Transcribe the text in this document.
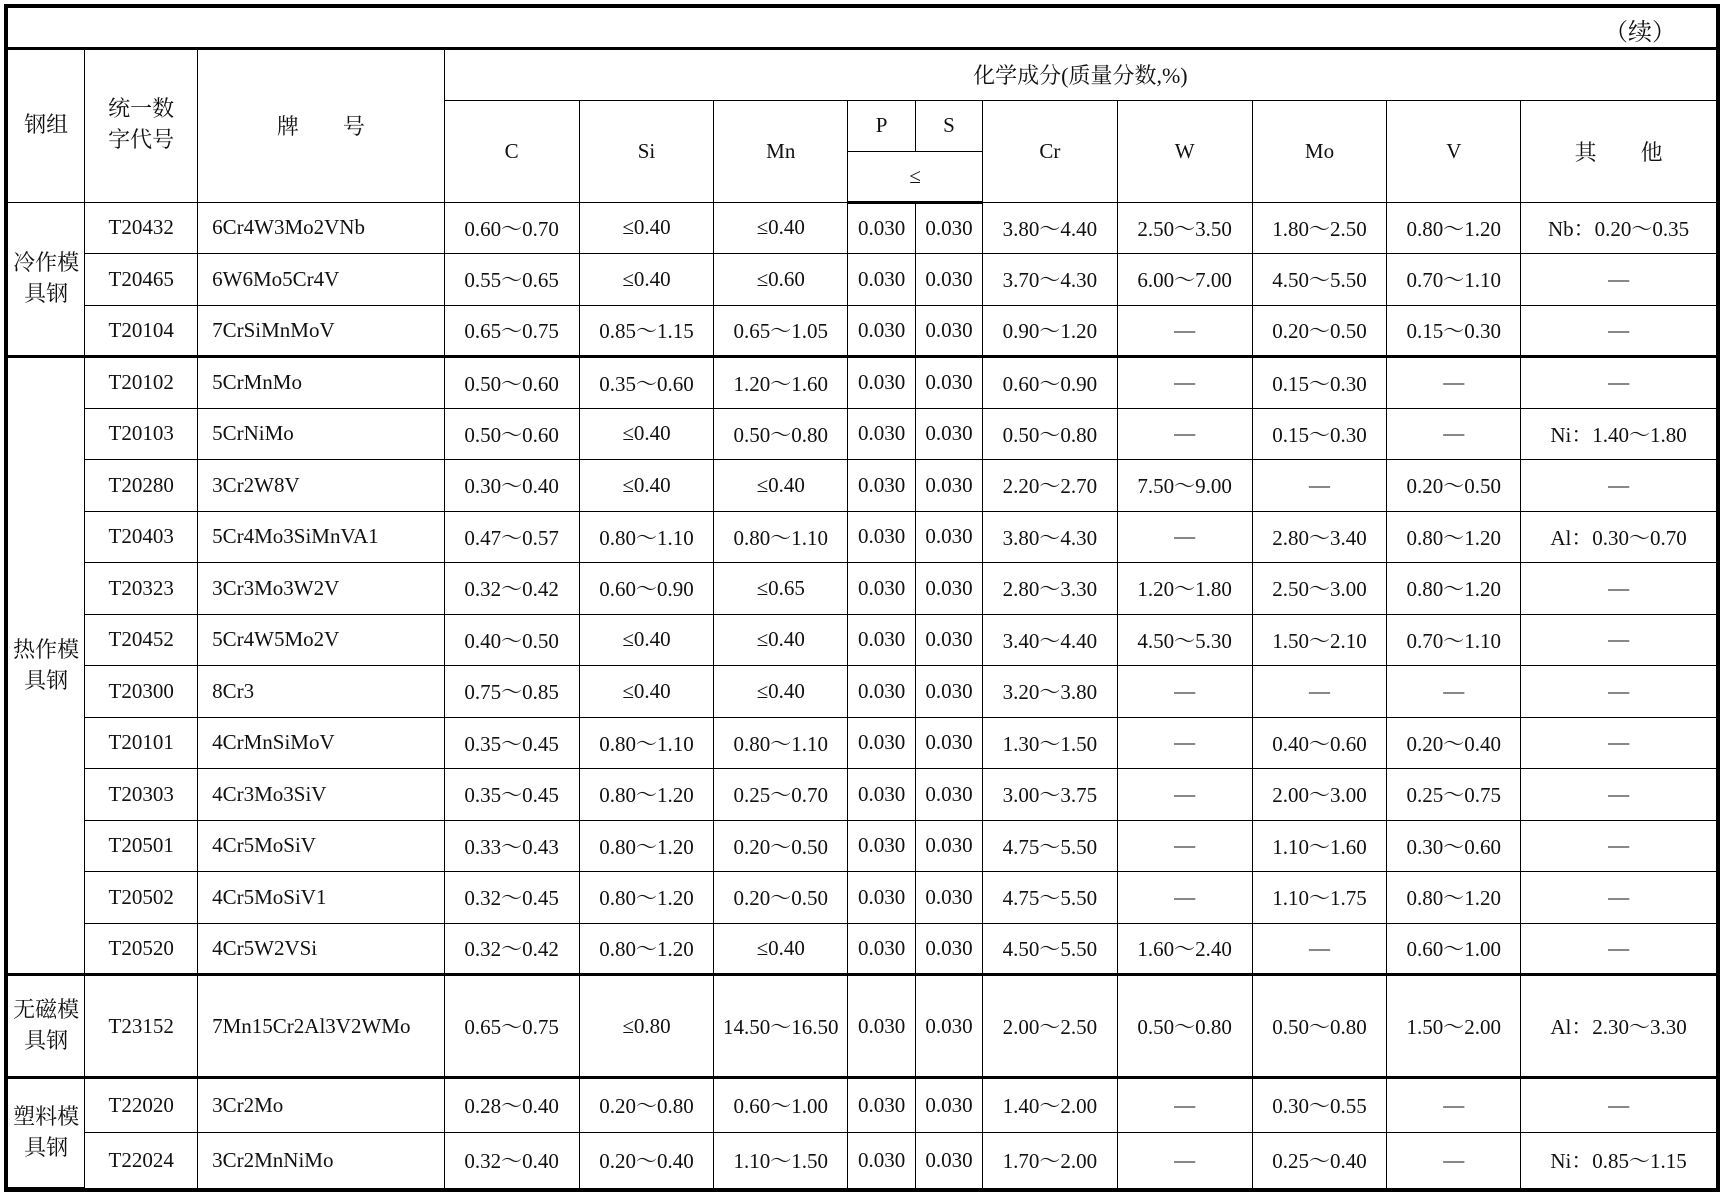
（续）
钢组	统一数字代号	牌　　号	化学成分(质量分数,%)									
			C	Si	Mn	P	S	Cr	W	Mo	V	其　　他
						≤						
冷作模具钢	T20432	6Cr4W3Mo2VNb	0.60～0.70	≤0.40	≤0.40	0.030	0.030	3.80～4.40	2.50～3.50	1.80～2.50	0.80～1.20	Nb：0.20～0.35
	T20465	6W6Mo5Cr4V	0.55～0.65	≤0.40	≤0.60	0.030	0.030	3.70～4.30	6.00～7.00	4.50～5.50	0.70～1.10	—
	T20104	7CrSiMnMoV	0.65～0.75	0.85～1.15	0.65～1.05	0.030	0.030	0.90～1.20	—	0.20～0.50	0.15～0.30	—
热作模具钢	T20102	5CrMnMo	0.50～0.60	0.35～0.60	1.20～1.60	0.030	0.030	0.60～0.90	—	0.15～0.30	—	—
	T20103	5CrNiMo	0.50～0.60	≤0.40	0.50～0.80	0.030	0.030	0.50～0.80	—	0.15～0.30	—	Ni：1.40～1.80
	T20280	3Cr2W8V	0.30～0.40	≤0.40	≤0.40	0.030	0.030	2.20～2.70	7.50～9.00	—	0.20～0.50	—
	T20403	5Cr4Mo3SiMnVA1	0.47～0.57	0.80～1.10	0.80～1.10	0.030	0.030	3.80～4.30	—	2.80～3.40	0.80～1.20	Al：0.30～0.70
	T20323	3Cr3Mo3W2V	0.32～0.42	0.60～0.90	≤0.65	0.030	0.030	2.80～3.30	1.20～1.80	2.50～3.00	0.80～1.20	—
	T20452	5Cr4W5Mo2V	0.40～0.50	≤0.40	≤0.40	0.030	0.030	3.40～4.40	4.50～5.30	1.50～2.10	0.70～1.10	—
	T20300	8Cr3	0.75～0.85	≤0.40	≤0.40	0.030	0.030	3.20～3.80	—	—	—	—
	T20101	4CrMnSiMoV	0.35～0.45	0.80～1.10	0.80～1.10	0.030	0.030	1.30～1.50	—	0.40～0.60	0.20～0.40	—
	T20303	4Cr3Mo3SiV	0.35～0.45	0.80～1.20	0.25～0.70	0.030	0.030	3.00～3.75	—	2.00～3.00	0.25～0.75	—
	T20501	4Cr5MoSiV	0.33～0.43	0.80～1.20	0.20～0.50	0.030	0.030	4.75～5.50	—	1.10～1.60	0.30～0.60	—
	T20502	4Cr5MoSiV1	0.32～0.45	0.80～1.20	0.20～0.50	0.030	0.030	4.75～5.50	—	1.10～1.75	0.80～1.20	—
	T20520	4Cr5W2VSi	0.32～0.42	0.80～1.20	≤0.40	0.030	0.030	4.50～5.50	1.60～2.40	—	0.60～1.00	—
无磁模具钢	T23152	7Mn15Cr2Al3V2WMo	0.65～0.75	≤0.80	14.50～16.50	0.030	0.030	2.00～2.50	0.50～0.80	0.50～0.80	1.50～2.00	Al：2.30～3.30
塑料模具钢	T22020	3Cr2Mo	0.28～0.40	0.20～0.80	0.60～1.00	0.030	0.030	1.40～2.00	—	0.30～0.55	—	—
	T22024	3Cr2MnNiMo	0.32～0.40	0.20～0.40	1.10～1.50	0.030	0.030	1.70～2.00	—	0.25～0.40	—	Ni：0.85～1.15
